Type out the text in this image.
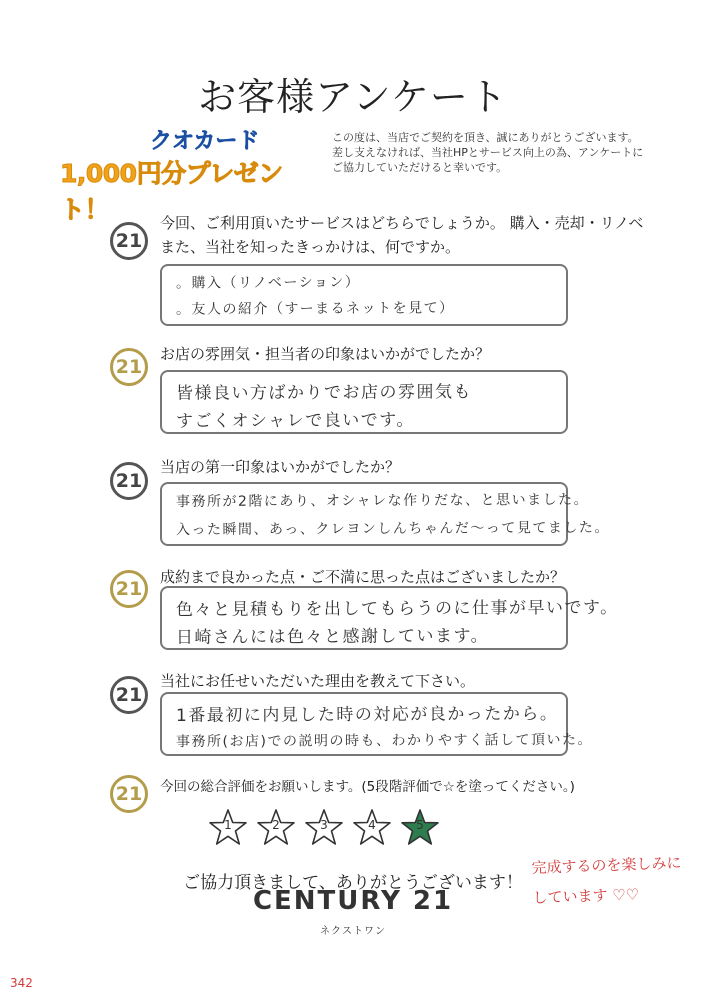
お客様アンケート
クオカード
1,000円分プレゼント！
この度は、当店でご契約を頂き、誠にありがとうございます。
差し支えなければ、当社HPとサービス向上の為、アンケートに
ご協力していただけると幸いです。
21
今回、ご利用頂いたサービスはどちらでしょうか。 購入・売却・リノベ
また、当社を知ったきっかけは、何ですか。
。購入（リノベーション）
。友人の紹介（すーまるネットを見て）
21
お店の雰囲気・担当者の印象はいかがでしたか？
皆様良い方ばかりでお店の雰囲気も
すごくオシャレで良いです。
21
当店の第一印象はいかがでしたか？
事務所が2階にあり、オシャレな作りだな、と思いました。
入った瞬間、あっ、クレヨンしんちゃんだ〜って見てました。
21
成約まで良かった点・ご不満に思った点はございましたか？
色々と見積もりを出してもらうのに仕事が早いです。
日崎さんには色々と感謝しています。
21
当社にお任せいただいた理由を教えて下さい。
1番最初に内見した時の対応が良かったから。
事務所(お店)での説明の時も、わかりやすく話して頂いた。
21	今回の総合評価をお願いします。(5段階評価で☆を塗ってください。)
1	2	3	4	5
ご協力頂きまして、ありがとうございます！
CENTURY 21
ネクストワン
完成するのを楽しみに
しています ♡♡
342
